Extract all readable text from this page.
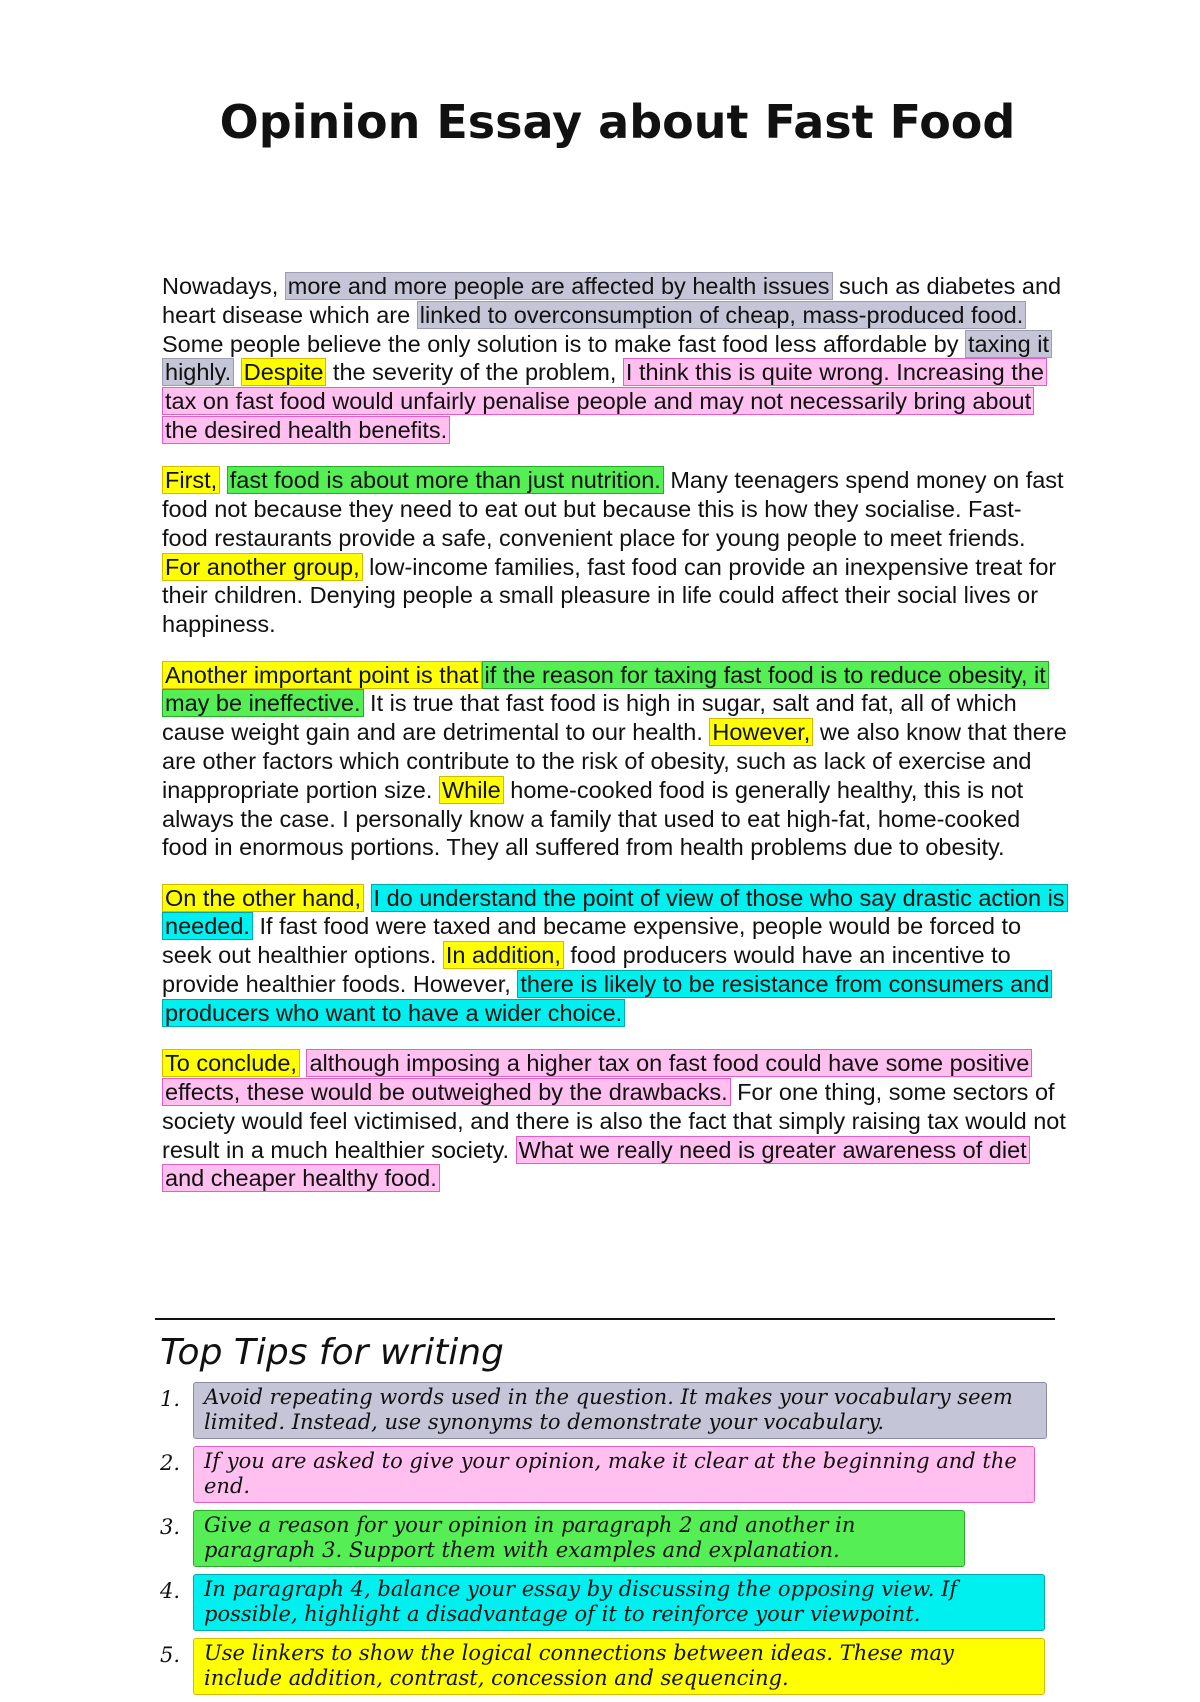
Opinion Essay about Fast Food

Nowadays, more and more people are affected by health issues such as diabetes and heart disease which are linked to overconsumption of cheap, mass-produced food. Some people believe the only solution is to make fast food less affordable by taxing it highly. Despite the severity of the problem, I think this is quite wrong. Increasing the tax on fast food would unfairly penalise people and may not necessarily bring about the desired health benefits.

First, fast food is about more than just nutrition. Many teenagers spend money on fast food not because they need to eat out but because this is how they socialise. Fast-food restaurants provide a safe, convenient place for young people to meet friends. For another group, low-income families, fast food can provide an inexpensive treat for their children. Denying people a small pleasure in life could affect their social lives or happiness.

Another important point is that if the reason for taxing fast food is to reduce obesity, it may be ineffective. It is true that fast food is high in sugar, salt and fat, all of which cause weight gain and are detrimental to our health. However, we also know that there are other factors which contribute to the risk of obesity, such as lack of exercise and inappropriate portion size. While home-cooked food is generally healthy, this is not always the case. I personally know a family that used to eat high-fat, home-cooked food in enormous portions. They all suffered from health problems due to obesity.

On the other hand, I do understand the point of view of those who say drastic action is needed. If fast food were taxed and became expensive, people would be forced to seek out healthier options. In addition, food producers would have an incentive to provide healthier foods. However, there is likely to be resistance from consumers and producers who want to have a wider choice.

To conclude, although imposing a higher tax on fast food could have some positive effects, these would be outweighed by the drawbacks. For one thing, some sectors of society would feel victimised, and there is also the fact that simply raising tax would not result in a much healthier society. What we really need is greater awareness of diet and cheaper healthy food.

Top Tips for writing
1.	Avoid repeating words used in the question. It makes your vocabulary seem limited. Instead, use synonyms to demonstrate your vocabulary.
2.	If you are asked to give your opinion, make it clear at the beginning and the end.
3.	Give a reason for your opinion in paragraph 2 and another in paragraph 3. Support them with examples and explanation.
4.	In paragraph 4, balance your essay by discussing the opposing view. If possible, highlight a disadvantage of it to reinforce your viewpoint.
5.	Use linkers to show the logical connections between ideas. These may include addition, contrast, concession and sequencing.
